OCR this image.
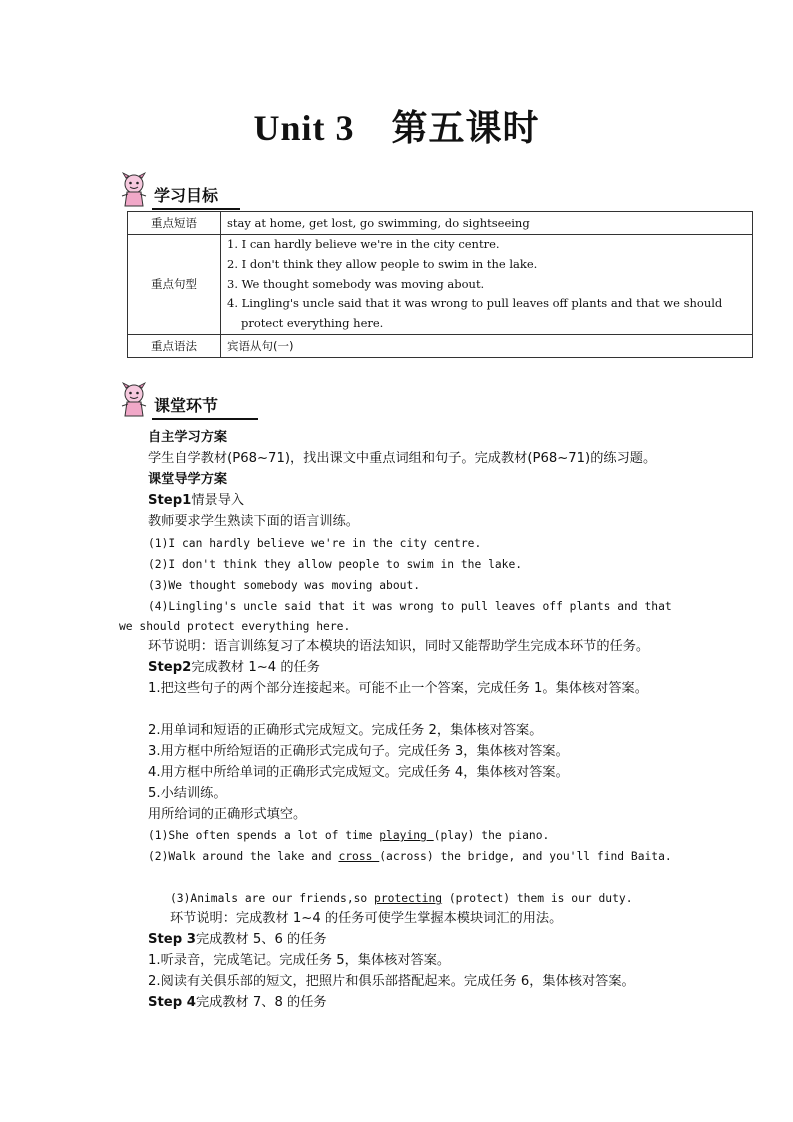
Unit 3　第五课时
学习目标
重点短语	stay at home, get lost, go swimming, do sightseeing
重点句型	1. I can hardly believe we're in the city centre.
2. I don't think they allow people to swim in the lake.
3. We thought somebody was moving about.
4. Lingling's uncle said that it was wrong to pull leaves off plants and that we should
protect everything here.

重点语法	宾语从句(一)
课堂环节
自主学习方案
学生自学教材(P68~71)，找出课文中重点词组和句子。完成教材(P68~71)的练习题。
课堂导学方案
Step1情景导入
教师要求学生熟读下面的语言训练。
(1)I can hardly believe we're in the city centre.
(2)I don't think they allow people to swim in the lake.
(3)We thought somebody was moving about.
(4)Lingling's uncle said that it was wrong to pull leaves off plants and that
we should protect everything here.
环节说明：语言训练复习了本模块的语法知识，同时又能帮助学生完成本环节的任务。
Step2完成教材 1~4 的任务
1.把这些句子的两个部分连接起来。可能不止一个答案，完成任务 1。集体核对答案。
2.用单词和短语的正确形式完成短文。完成任务 2，集体核对答案。
3.用方框中所给短语的正确形式完成句子。完成任务 3，集体核对答案。
4.用方框中所给单词的正确形式完成短文。完成任务 4，集体核对答案。
5.小结训练。
用所给词的正确形式填空。
(1)She often spends a lot of time playing (play) the piano.
(2)Walk around the lake and cross (across) the bridge, and you'll find Baita.
(3)Animals are our friends,so protecting (protect) them is our duty.
环节说明：完成教材 1~4 的任务可使学生掌握本模块词汇的用法。
Step 3完成教材 5、6 的任务
1.听录音，完成笔记。完成任务 5，集体核对答案。
2.阅读有关俱乐部的短文，把照片和俱乐部搭配起来。完成任务 6，集体核对答案。
Step 4完成教材 7、8 的任务
